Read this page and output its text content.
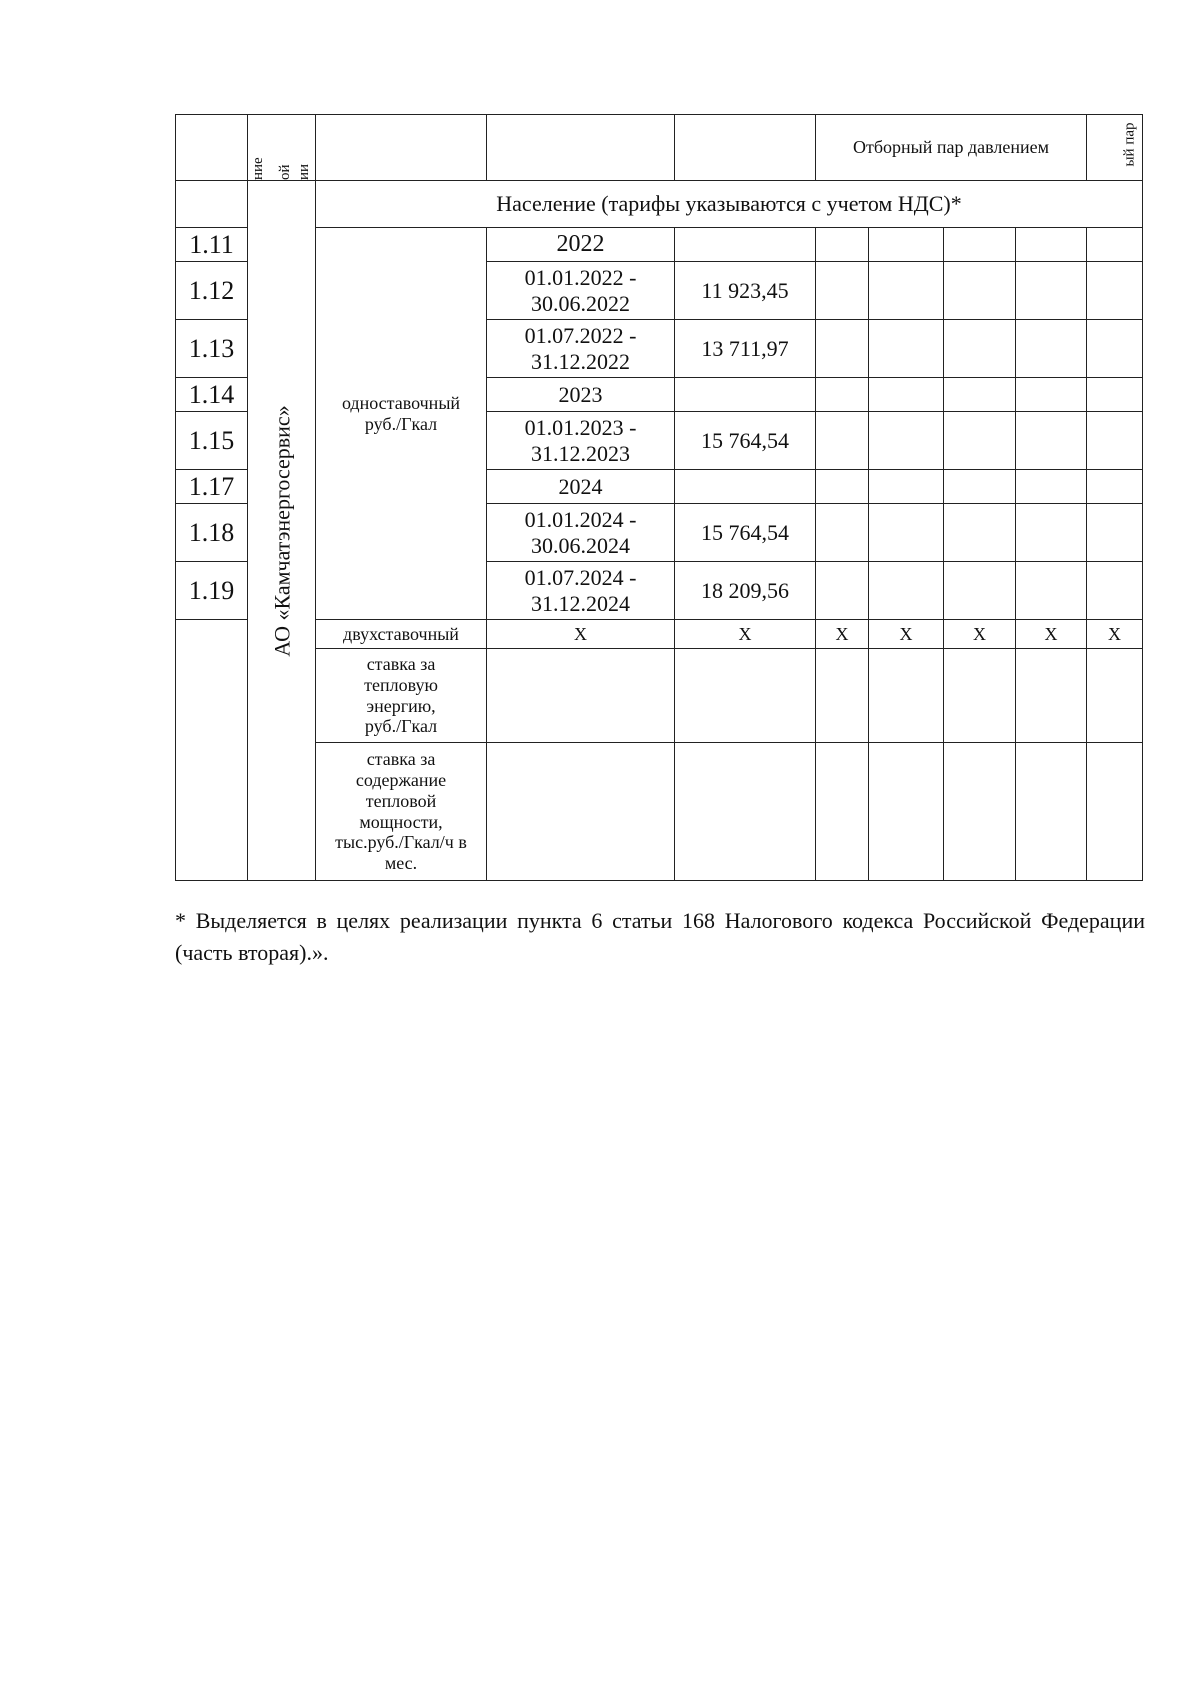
	ние ой ии				Отборный пар давлением				ый пар

	АО «Камчатэнергосервис»	Население (тарифы указываются с учетом НДС)*							
1.11		одноставочный руб./Гкал	2022						
1.12			01.01.2022 - 30.06.2022	11 923,45					
1.13			01.07.2022 - 31.12.2022	13 711,97					
1.14			2023						
1.15			01.01.2023 - 31.12.2023	15 764,54					
1.17			2024						
1.18			01.01.2024 - 30.06.2024	15 764,54					
1.19			01.07.2024 - 31.12.2024	18 209,56					
		двухставочный	X	X	X	X	X	X	X
		ставка за тепловую энергию, руб./Гкал							
		ставка за содержание тепловой мощности, тыс.руб./Гкал/ч в мес.							
* Выделяется в целях реализации пункта 6 статьи 168 Налогового кодекса Российской Федерации (часть вторая).».
